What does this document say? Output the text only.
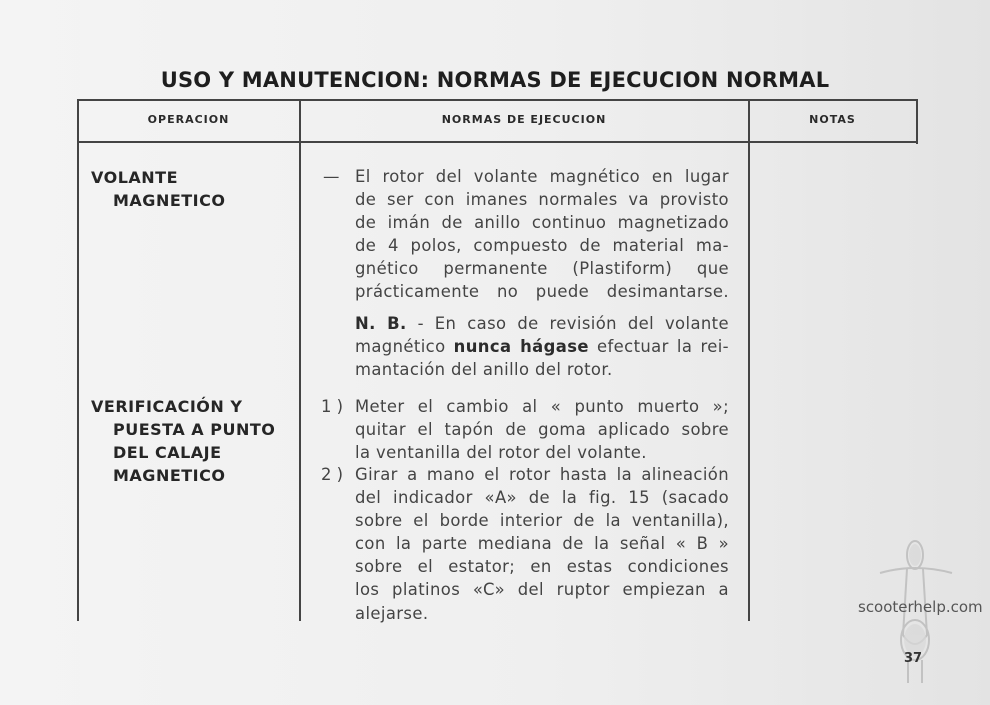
USO Y MANUTENCION: NORMAS DE EJECUCION NORMAL
OPERACION	NORMAS DE EJECUCION	NOTAS
VOLANTE
MAGNETICO
— El rotor del volante magnético en lugar
de ser con imanes normales va provisto
de imán de anillo continuo magnetizado
de 4 polos, compuesto de material ma-
gnético permanente (Plastiform) que
prácticamente no puede desimantarse.
N. B. - En caso de revisión del volante
magnético nunca hágase efectuar la rei-
mantación del anillo del rotor.
VERIFICACIÓN Y
PUESTA A PUNTO
DEL CALAJE
MAGNETICO
1 ) Meter el cambio al « punto muerto »;
quitar el tapón de goma aplicado sobre
la ventanilla del rotor del volante.
2 ) Girar a mano el rotor hasta la alineación
del indicador «A» de la fig. 15 (sacado
sobre el borde interior de la ventanilla),
con la parte mediana de la señal « B »
sobre el estator; en estas condiciones
los platinos «C» del ruptor empiezan a
alejarse.	scooterhelp.com
37
